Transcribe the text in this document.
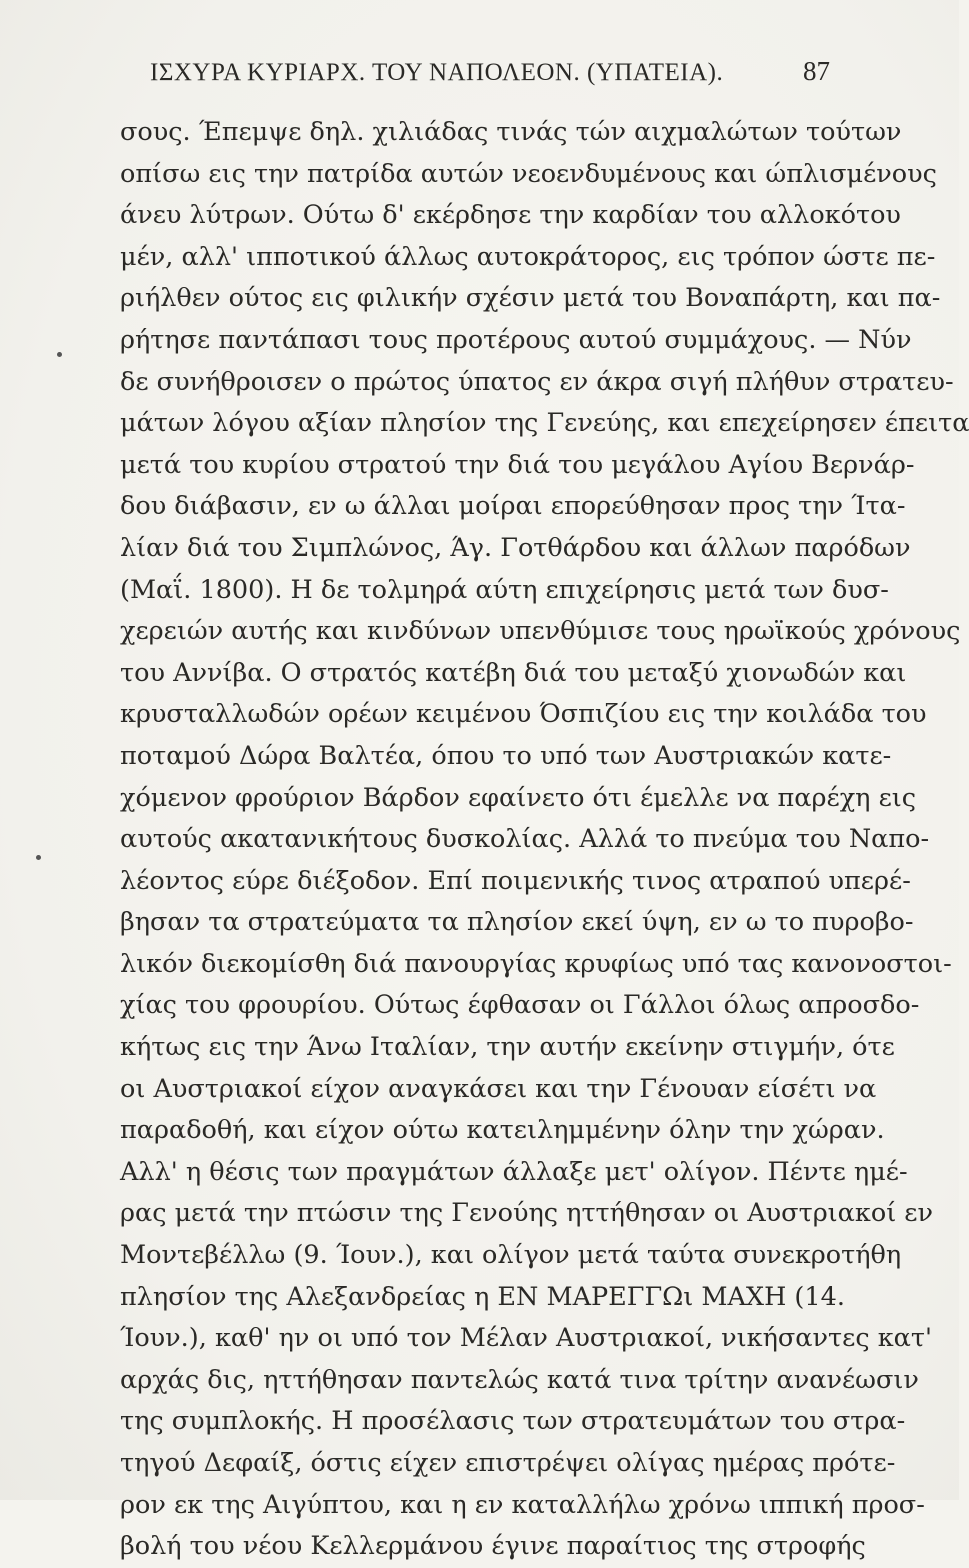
ΙΣΧΥΡΑ ΚΥΡΙΑΡΧ. ΤΟΥ ΝΑΠΟΛΕΟΝ. (ΥΠΑΤΕΙΑ).	87
σους. Έπεμψε δηλ. χιλιάδας τινάς τών αιχμαλώτων τούτων
οπίσω εις την πατρίδα αυτών νεοενδυμένους και ώπλισμένους
άνευ λύτρων. Ούτω δ' εκέρδησε την καρδίαν του αλλοκότου
μέν, αλλ' ιπποτικού άλλως αυτοκράτορος, εις τρόπον ώστε πε-
ριήλθεν ούτος εις φιλικήν σχέσιν μετά του Βοναπάρτη, και πα-
ρήτησε παντάπασι τους προτέρους αυτού συμμάχους. — Νύν
δε συνήθροισεν ο πρώτος ύπατος εν άκρα σιγή πλήθυν στρατευ-
μάτων λόγου αξίαν πλησίον της Γενεύης, και επεχείρησεν έπειτα
μετά του κυρίου στρατού την διά του μεγάλου Αγίου Βερνάρ-
δου διάβασιν, εν ω άλλαι μοίραι επορεύθησαν προς την Ίτα-
λίαν διά του Σιμπλώνος, Άγ. Γοτθάρδου και άλλων παρόδων
(Μαΐ. 1800). Η δε τολμηρά αύτη επιχείρησις μετά των δυσ-
χερειών αυτής και κινδύνων υπενθύμισε τους ηρωϊκούς χρόνους
του Αννίβα. Ο στρατός κατέβη διά του μεταξύ χιονωδών και
κρυσταλλωδών ορέων κειμένου Όσπιζίου εις την κοιλάδα του
ποταμού Δώρα Βαλτέα, όπου το υπό των Αυστριακών κατε-
χόμενον φρούριον Βάρδον εφαίνετο ότι έμελλε να παρέχη εις
αυτούς ακατανικήτους δυσκολίας. Αλλά το πνεύμα του Ναπο-
λέοντος εύρε διέξοδον. Επί ποιμενικής τινος ατραπού υπερέ-
βησαν τα στρατεύματα τα πλησίον εκεί ύψη, εν ω το πυροβο-
λικόν διεκομίσθη διά πανουργίας κρυφίως υπό τας κανονοστοι-
χίας του φρουρίου. Ούτως έφθασαν οι Γάλλοι όλως απροσδο-
κήτως εις την Άνω Ιταλίαν, την αυτήν εκείνην στιγμήν, ότε
οι Αυστριακοί είχον αναγκάσει και την Γένουαν είσέτι να
παραδοθή, και είχον ούτω κατειλημμένην όλην την χώραν.
Αλλ' η θέσις των πραγμάτων άλλαξε μετ' ολίγον. Πέντε ημέ-
ρας μετά την πτώσιν της Γενούης ηττήθησαν οι Αυστριακοί εν
Μοντεβέλλω (9. Ίουν.), και ολίγον μετά ταύτα συνεκροτήθη
πλησίον της Αλεξανδρείας η ΕΝ ΜΑΡΕΓΓΩι ΜΑΧΗ (14.
Ίουν.), καθ' ην οι υπό τον Μέλαν Αυστριακοί, νικήσαντες κατ'
αρχάς δις, ηττήθησαν παντελώς κατά τινα τρίτην ανανέωσιν
της συμπλοκής. Η προσέλασις των στρατευμάτων του στρα-
τηγού Δεφαίξ, όστις είχεν επιστρέψει ολίγας ημέρας πρότε-
ρον εκ της Αιγύπτου, και η εν καταλλήλω χρόνω ιππική προσ-
βολή του νέου Κελλερμάνου έγινε παραίτιος της στροφής
